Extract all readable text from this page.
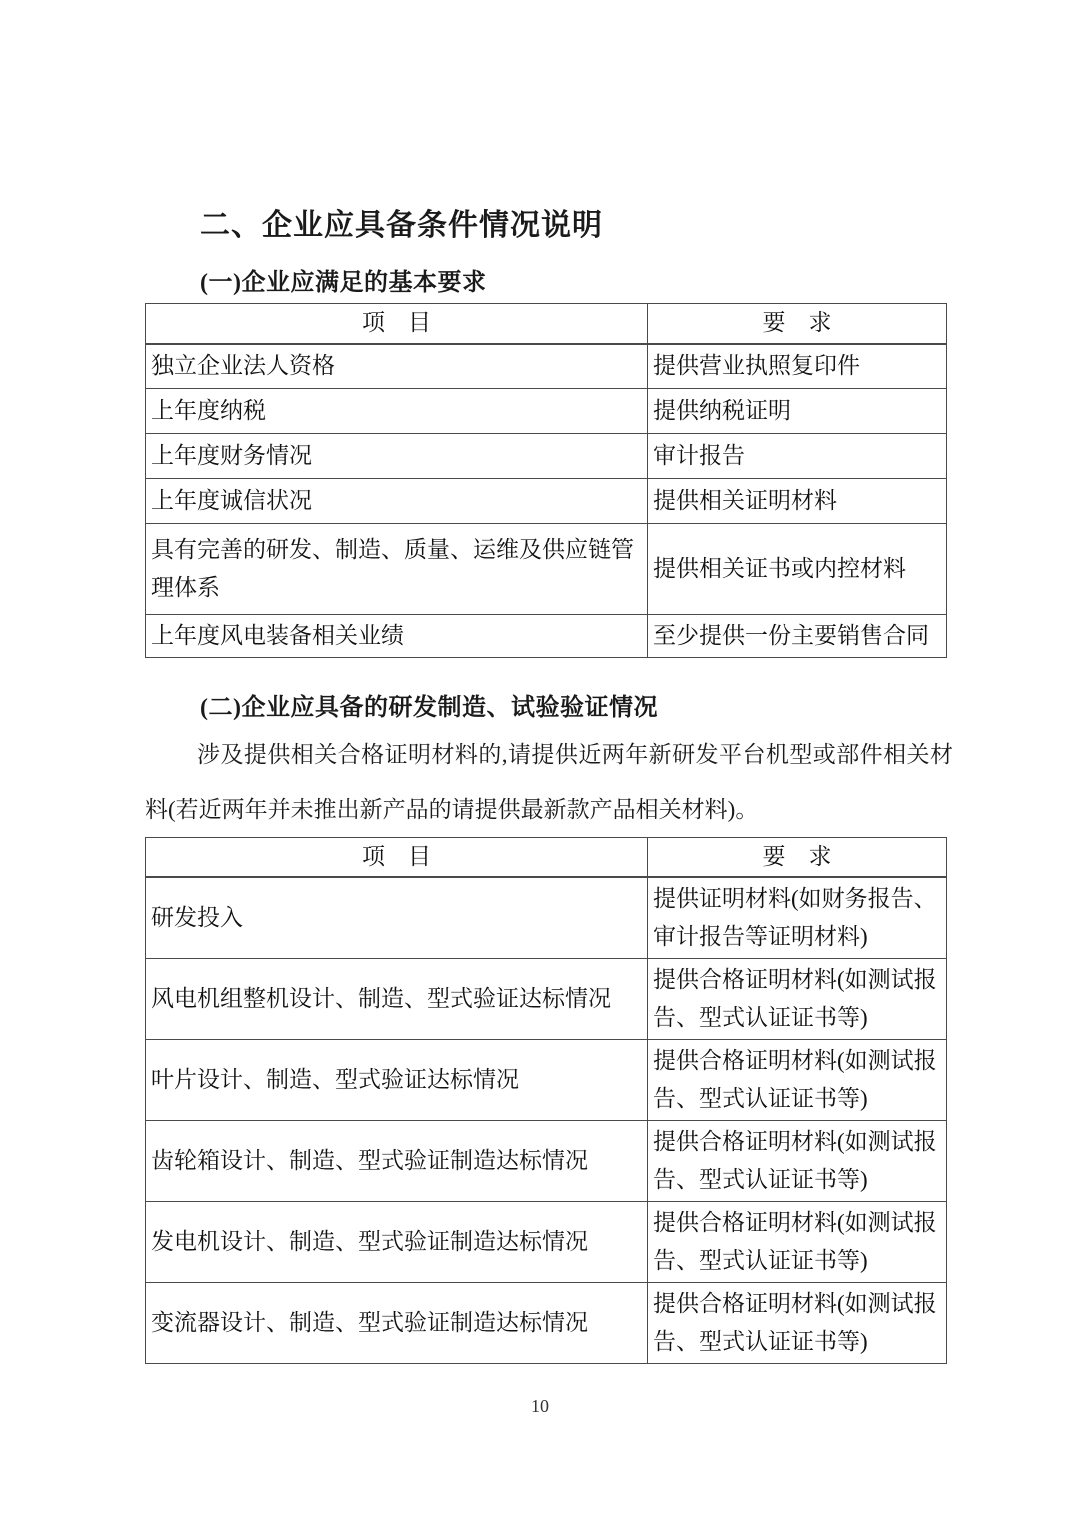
二、企业应具备条件情况说明
(一)企业应满足的基本要求
项　目	要　求
独立企业法人资格	提供营业执照复印件
上年度纳税	提供纳税证明
上年度财务情况	审计报告
上年度诚信状况	提供相关证明材料
具有完善的研发、制造、质量、运维及供应链管理体系	提供相关证书或内控材料
上年度风电装备相关业绩	至少提供一份主要销售合同
(二)企业应具备的研发制造、试验验证情况
涉及提供相关合格证明材料的,请提供近两年新研发平台机型或部件相关材料(若近两年并未推出新产品的请提供最新款产品相关材料)。
项　目	要　求
研发投入	提供证明材料(如财务报告、审计报告等证明材料)
风电机组整机设计、制造、型式验证达标情况	提供合格证明材料(如测试报告、型式认证证书等)
叶片设计、制造、型式验证达标情况	提供合格证明材料(如测试报告、型式认证证书等)
齿轮箱设计、制造、型式验证制造达标情况	提供合格证明材料(如测试报告、型式认证证书等)
发电机设计、制造、型式验证制造达标情况	提供合格证明材料(如测试报告、型式认证证书等)
变流器设计、制造、型式验证制造达标情况	提供合格证明材料(如测试报告、型式认证证书等)
10
